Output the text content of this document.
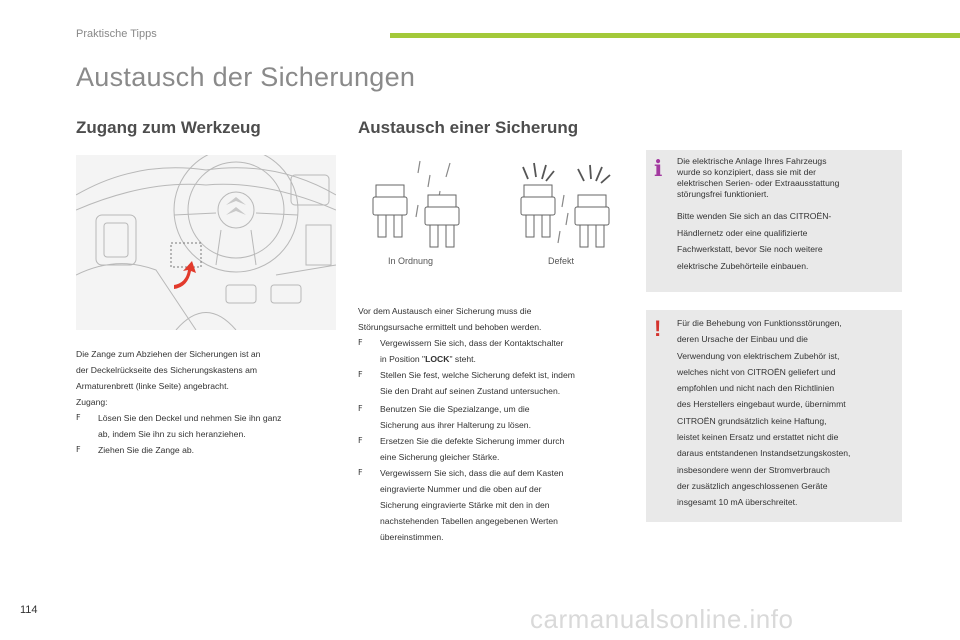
Praktische Tipps
Austausch der Sicherungen
Zugang zum Werkzeug	Austausch einer Sicherung
In Ordnung	Defekt

Die Zange zum Abziehen der Sicherungen ist an

der Deckelrückseite des Sicherungskastens am

Armaturenbrett (linke Seite) angebracht.

Zugang:

F	Lösen Sie den Deckel und nehmen Sie ihn ganz
ab, indem Sie ihn zu sich heranziehen.
F	Ziehen Sie die Zange ab.

Vor dem Austausch einer Sicherung muss die

Störungsursache ermittelt und behoben werden.

F	Vergewissern Sie sich, dass der Kontaktschalter
in Position "LOCK" steht.
F	Stellen Sie fest, welche Sicherung defekt ist, indem
Sie den Draht auf seinen Zustand untersuchen.
F	Benutzen Sie die Spezialzange, um die
Sicherung aus ihrer Halterung zu lösen.
F	Ersetzen Sie die defekte Sicherung immer durch
eine Sicherung gleicher Stärke.
F	Vergewissern Sie sich, dass die auf dem Kasten
eingravierte Nummer und die oben auf der
Sicherung eingravierte Stärke mit den in den
nachstehenden Tabellen angegebenen Werten
übereinstimmen.
i Die elektrische Anlage Ihres Fahrzeugs
wurde so konzipiert, dass sie mit der
elektrischen Serien- oder Extraausstattung
störungsfrei funktioniert.
Bitte wenden Sie sich an das CITROËN-
Händlernetz oder eine qualifizierte
Fachwerkstatt, bevor Sie noch weitere
elektrische Zubehörteile einbauen.
! Für die Behebung von Funktionsstörungen,
deren Ursache der Einbau und die
Verwendung von elektrischem Zubehör ist,
welches nicht von CITROËN geliefert und
empfohlen und nicht nach den Richtlinien
des Herstellers eingebaut wurde, übernimmt
CITROËN grundsätzlich keine Haftung,
leistet keinen Ersatz und erstattet nicht die
daraus entstandenen Instandsetzungskosten,
insbesondere wenn der Stromverbrauch
der zusätzlich angeschlossenen Geräte
insgesamt 10 mA überschreitet.
114	carmanualsonline.info
